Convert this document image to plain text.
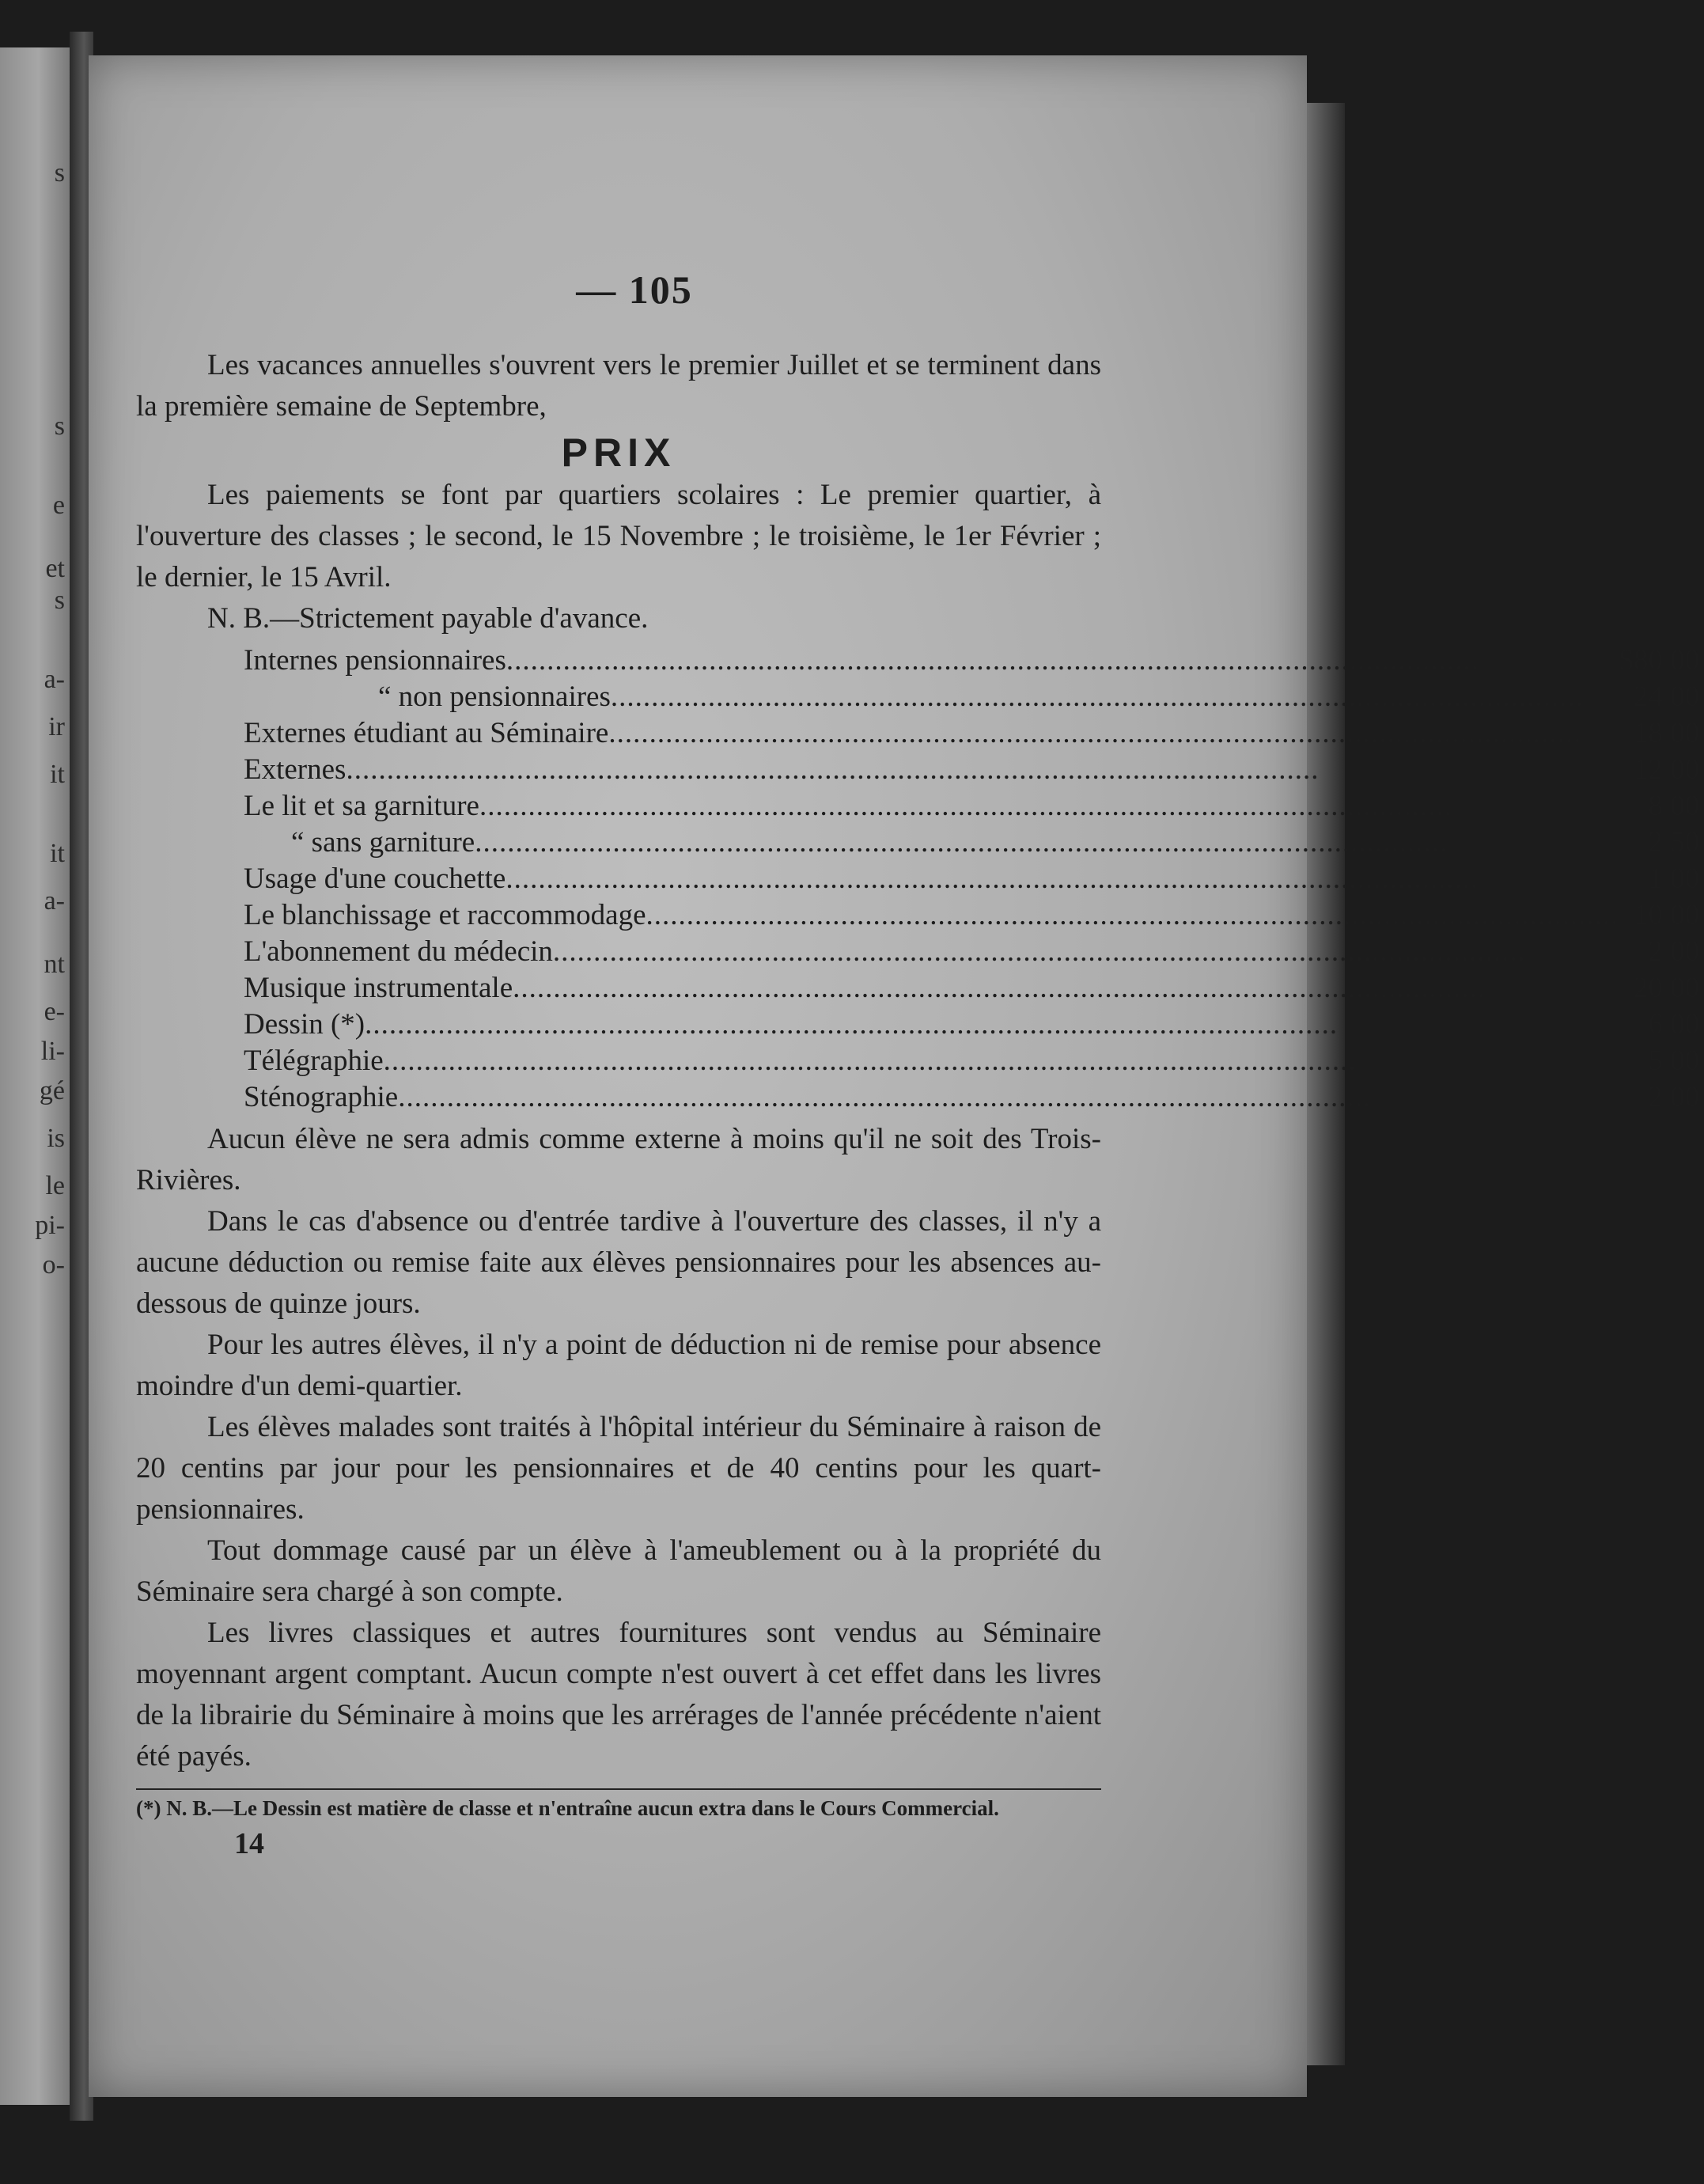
s
s
e
et
s
a-
ir
it
it
a-
nt
e-
li-
gé
is
le
pi-
o-
— 105

Les vacances annuelles s'ouvrent vers le premier Juillet et se terminent dans la première semaine de Septembre,

PRIX

Les paiements se font par quartiers scolaires : Le premier quartier, à l'ouverture des classes ; le second, le 15 Novembre ; le troisième, le 1er Février ; le dernier, le 15 Avril.

N. B.—Strictement payable d'avance.
Internes pensionnaires........................................................................................................................	$80 00
“ non pensionnaires........................................................................................................................	24 00
Externes étudiant au Séminaire........................................................................................................................	18 00
Externes........................................................................................................................	12 00
Le lit et sa garniture........................................................................................................................	8 00
“ sans garniture........................................................................................................................	2 50
Usage d'une couchette........................................................................................................................	1 00
Le blanchissage et raccommodage........................................................................................................................	10 00
L'abonnement du médecin........................................................................................................................	2 00
Musique instrumentale........................................................................................................................	20 00
Dessin (*)........................................................................................................................	6 00
Télégraphie........................................................................................................................	5 00
Sténographie........................................................................................................................	2 00

Aucun élève ne sera admis comme externe à moins qu'il ne soit des Trois-Rivières.

Dans le cas d'absence ou d'entrée tardive à l'ouverture des classes, il n'y a aucune déduction ou remise faite aux élèves pensionnaires pour les absences au-dessous de quinze jours.

Pour les autres élèves, il n'y a point de déduction ni de remise pour absence moindre d'un demi-quartier.

Les élèves malades sont traités à l'hôpital intérieur du Séminaire à raison de 20 centins par jour pour les pensionnaires et de 40 centins pour les quart-pensionnaires.

Tout dommage causé par un élève à l'ameublement ou à la propriété du Séminaire sera chargé à son compte.

Les livres classiques et autres fournitures sont vendus au Séminaire moyennant argent comptant. Aucun compte n'est ouvert à cet effet dans les livres de la librairie du Séminaire à moins que les arrérages de l'année précédente n'aient été payés.

(*) N. B.—Le Dessin est matière de classe et n'entraîne aucun extra dans le Cours Commercial.
14
